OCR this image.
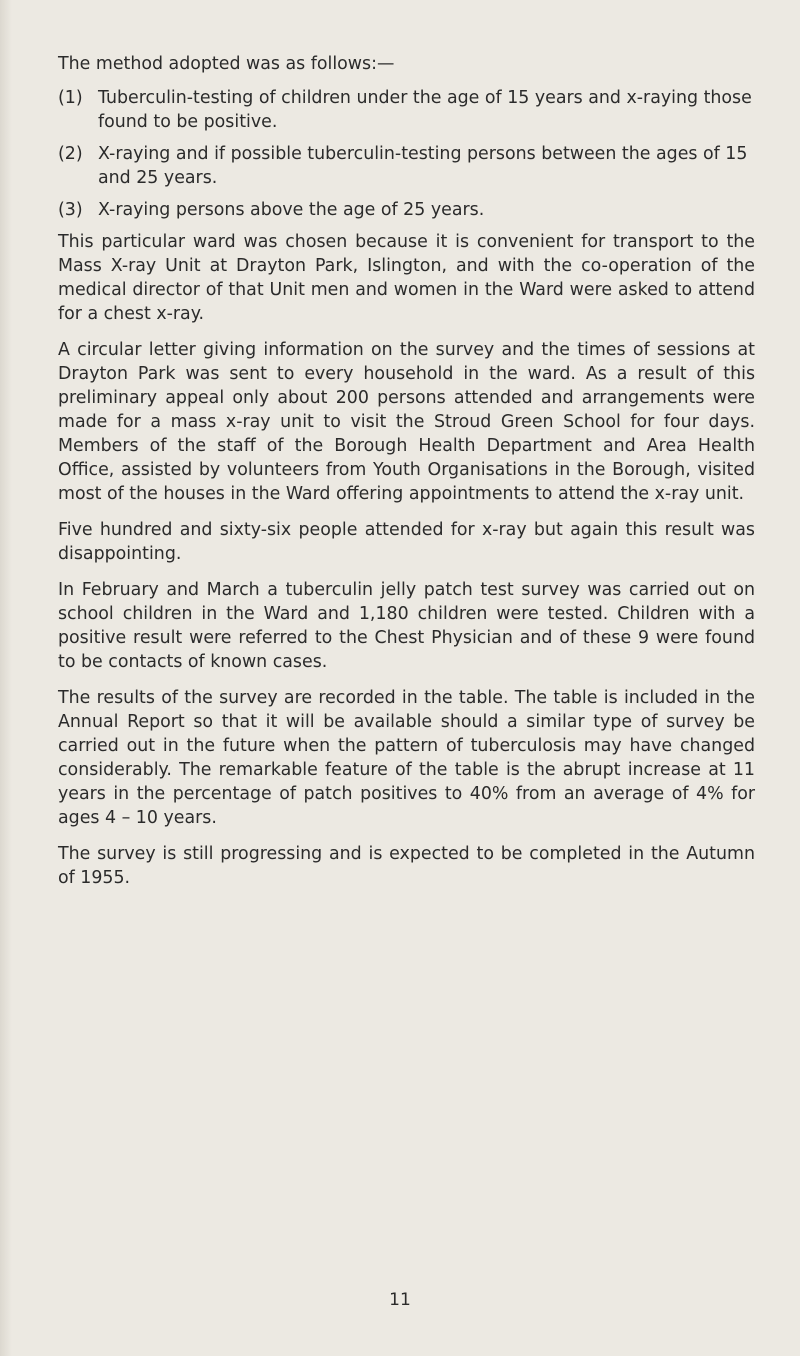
The method adopted was as follows:—

(1) Tuberculin-testing of children under the age of 15 years and x-raying those found to be positive.
(2) X-raying and if possible tuberculin-testing persons between the ages of 15 and 25 years.
(3) X-raying persons above the age of 25 years.

This particular ward was chosen because it is convenient for transport to the Mass X-ray Unit at Drayton Park, Islington, and with the co-operation of the medical director of that Unit men and women in the Ward were asked to attend for a chest x-ray.

A circular letter giving information on the survey and the times of sessions at Drayton Park was sent to every household in the ward. As a result of this preliminary appeal only about 200 persons attended and arrangements were made for a mass x-ray unit to visit the Stroud Green School for four days. Members of the staff of the Borough Health Department and Area Health Office, assisted by volunteers from Youth Organisations in the Borough, visited most of the houses in the Ward offering appointments to attend the x-ray unit.

Five hundred and sixty-six people attended for x-ray but again this result was disappointing.

In February and March a tuberculin jelly patch test survey was carried out on school children in the Ward and 1,180 children were tested. Children with a positive result were referred to the Chest Physician and of these 9 were found to be contacts of known cases.

The results of the survey are recorded in the table. The table is included in the Annual Report so that it will be available should a similar type of survey be carried out in the future when the pattern of tuberculosis may have changed considerably. The remarkable feature of the table is the abrupt increase at 11 years in the percentage of patch positives to 40% from an average of 4% for ages 4 – 10 years.

The survey is still progressing and is expected to be completed in the Autumn of 1955.

11
